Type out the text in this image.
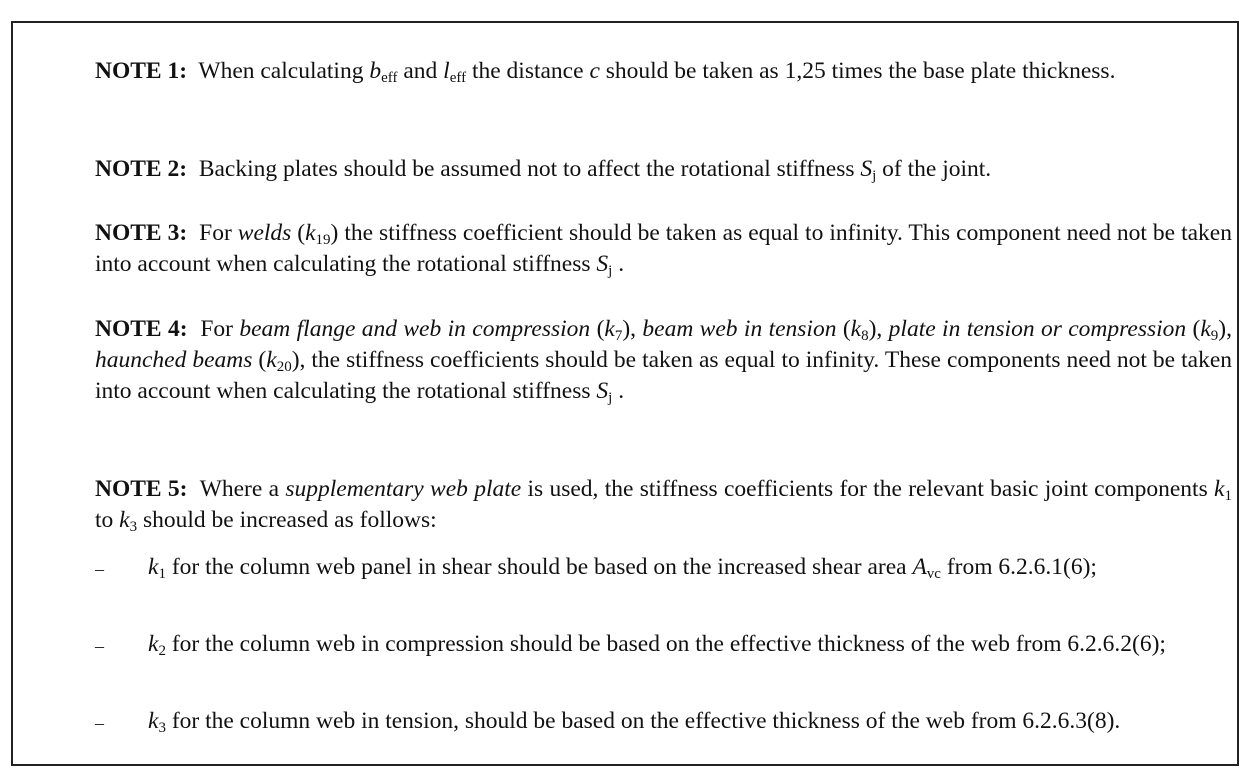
NOTE 1: When calculating $b_{eff}$ and $l_{eff}$ the distance c should be taken as 1,25 times the base plate thickness.
NOTE 2: Backing plates should be assumed not to affect the rotational stiffness $S_j$ of the joint.
NOTE 3: For welds $(k_{19})$ the stiffness coefficient should be taken as equal to infinity. This component need not be taken into account when calculating the rotational stiffness $S_j$ .
NOTE 4: For beam flange and web in compression $(k_7)$, beam web in tension $(k_8)$, plate in tension or compression $(k_9)$, haunched beams $(k_{20})$, the stiffness coefficients should be taken as equal to infinity. These components need not be taken into account when calculating the rotational stiffness $S_j$ .
NOTE 5: Where a supplementary web plate is used, the stiffness coefficients for the relevant basic joint components $k_1$ to $k_3$ should be increased as follows:
– $k_1$ for the column web panel in shear should be based on the increased shear area $A_{vc}$ from 6.2.6.1(6);
– $k_2$ for the column web in compression should be based on the effective thickness of the web from 6.2.6.2(6);
– $k_3$ for the column web in tension, should be based on the effective thickness of the web from 6.2.6.3(8).
